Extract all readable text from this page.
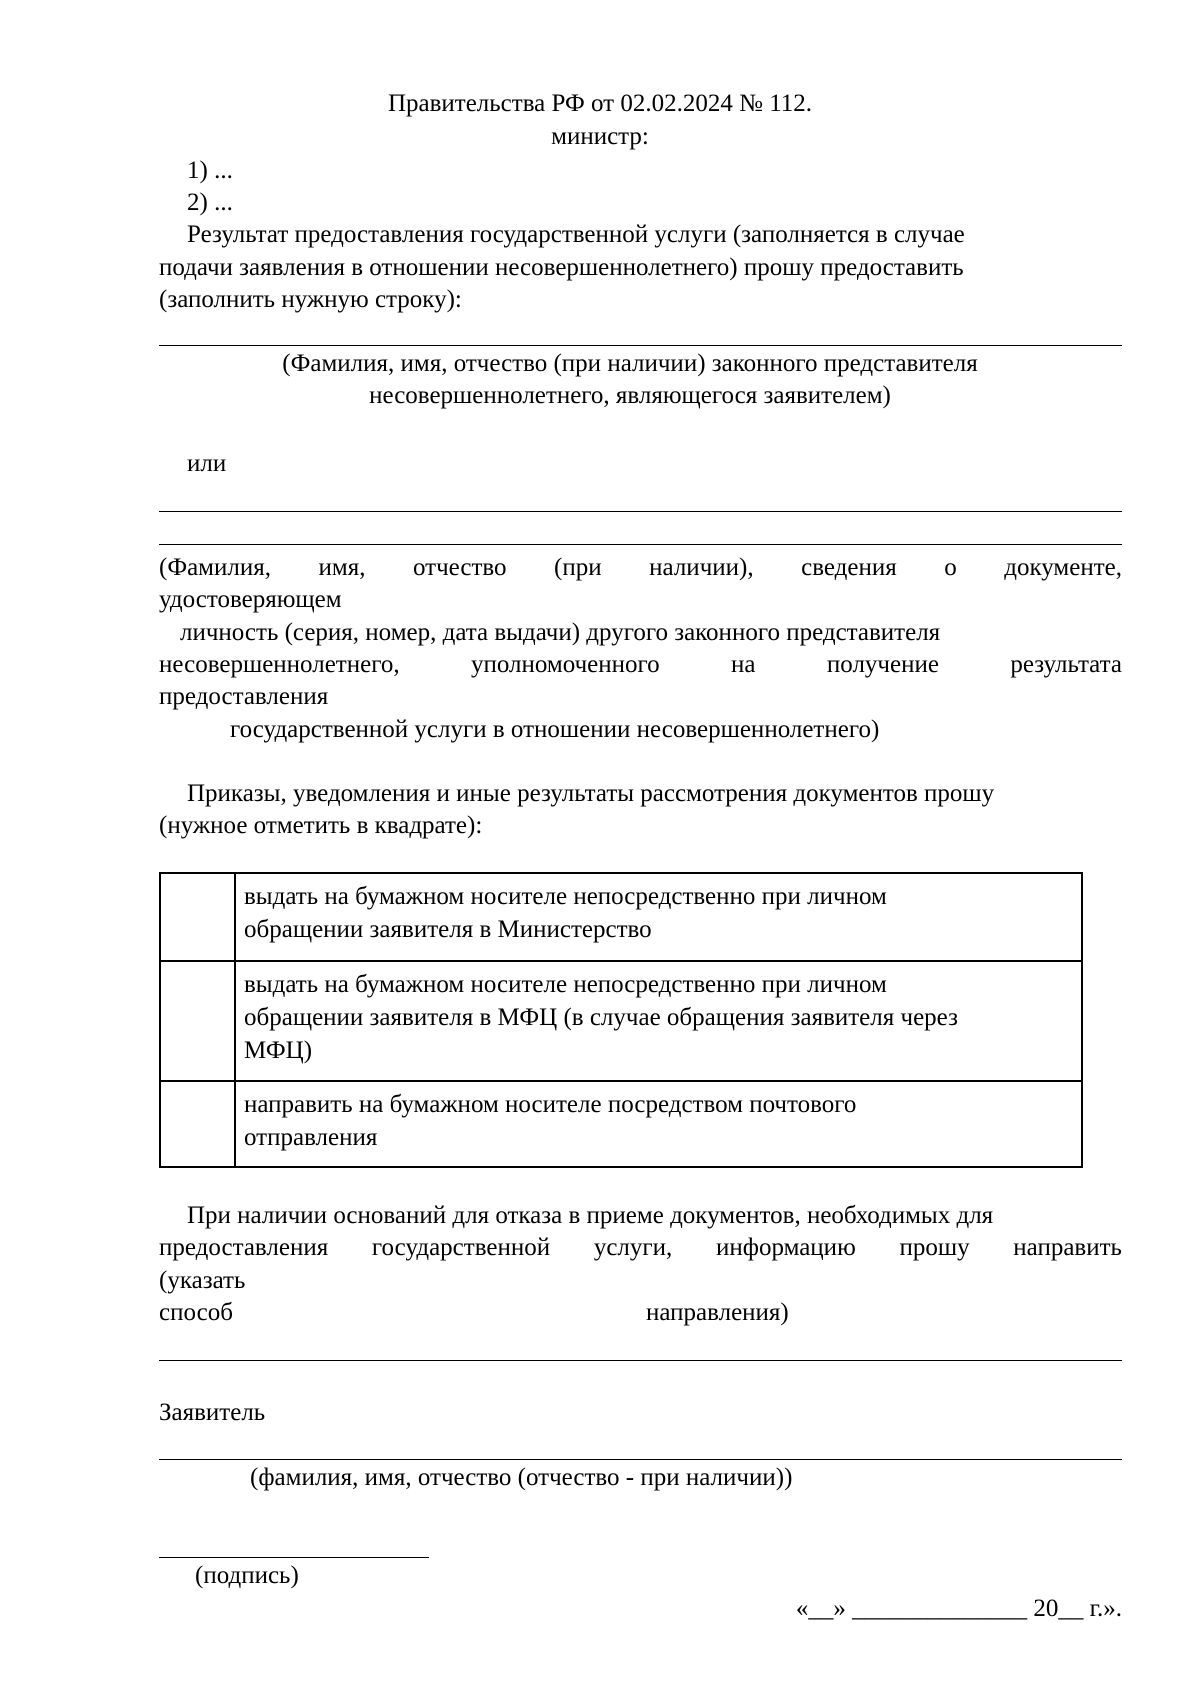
Правительства РФ от 02.02.2024 № 112.
министр:
1) ...
2) ...
Результат предоставления государственной услуги (заполняется в случае
подачи заявления в отношении несовершеннолетнего) прошу предоставить
(заполнить нужную строку):
(Фамилия, имя, отчество (при наличии) законного представителя
несовершеннолетнего, являющегося заявителем)
или
(Фамилия, имя, отчество (при наличии), сведения о документе,
удостоверяющем
личность (серия, номер, дата выдачи) другого законного представителя
несовершеннолетнего,	уполномоченного	на	получение	результата
предоставления
государственной услуги в отношении несовершеннолетнего)
Приказы, уведомления и иные результаты рассмотрения документов прошу
(нужное отметить в квадрате):

	выдать на бумажном носителе непосредственно при личном
обращении заявителя в Министерство

	выдать на бумажном носителе непосредственно при личном
обращении заявителя в МФЦ (в случае обращения заявителя через
МФЦ)

	направить на бумажном носителе посредством почтового
отправления
При наличии оснований для отказа в приеме документов, необходимых для
предоставления государственной услуги, информацию прошу направить
(указать
способ	направления)
Заявитель
(фамилия, имя, отчество (отчество - при наличии))
(подпись)
«__» ______________ 20__ г.».
